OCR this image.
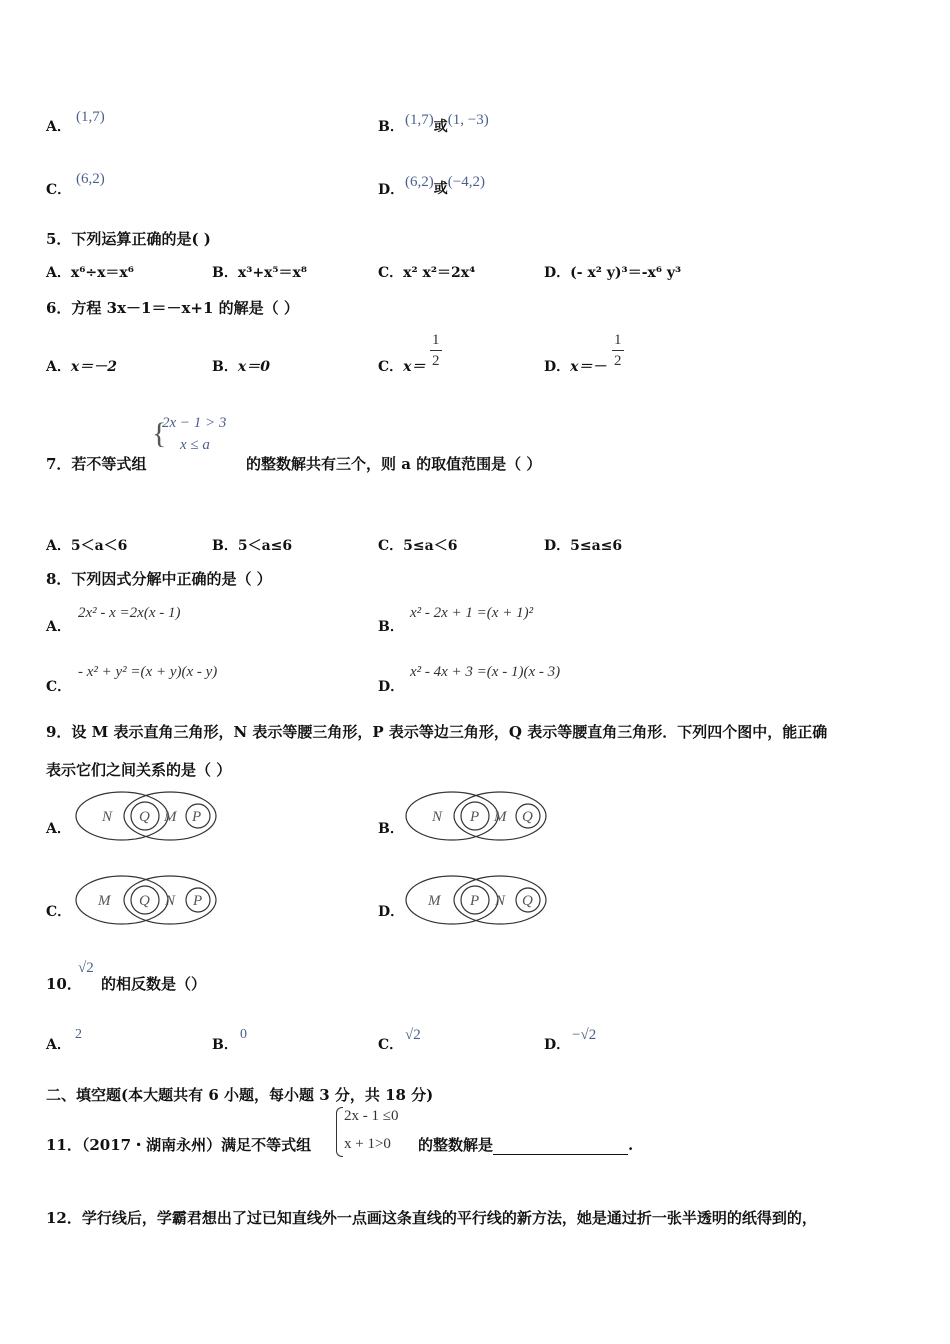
A．
(1,7)
B． (1,7)或(1, −3)
C．
(6,2)
D． (6,2)或(−4,2)
5．下列运算正确的是( )
A．x⁶÷x＝x⁶	B．x³+x⁵＝x⁸	C．x² x²＝2x⁴	D．(- x² y)³＝-x⁶ y³
6．方程 3x－1＝－x+1 的解是（ ）
A．x＝－2	B．x＝0	C．$x= \frac{1}{2}$	D．$x=- \frac{1}{2}$
7．若不等式组
{
2x − 1 > 3
x ≤ a
的整数解共有三个，则 a 的取值范围是（ ）
A．5＜a＜6	B．5＜a≤6	C．5≤a＜6	D．5≤a≤6
8．下列因式分解中正确的是（ ）
A．
2x² - x =2x(x - 1)
B．
x² - 2x + 1 =(x + 1)²
C．
- x² + y² =(x + y)(x - y)
D．
x² - 4x + 3 =(x - 1)(x - 3)
9．设 M 表示直角三角形，N 表示等腰三角形，P 表示等边三角形，Q 表示等腰直角三角形．下列四个图中，能正确
表示它们之间关系的是（ ）
A．
N Q M P
B．
N P M Q
C．
M Q N P
D．
M P N Q
10．
√2
的相反数是（）
A．
2
B．
0
C．
√2
D．
−√2
二、填空题(本大题共有 6 小题，每小题 3 分，共 18 分)
11．（2017・湖南永州）满足不等式组
2x - 1 ≤0
x + 1>0 的整数解是	.
12．学行线后，学霸君想出了过已知直线外一点画这条直线的平行线的新方法，她是通过折一张半透明的纸得到的，
